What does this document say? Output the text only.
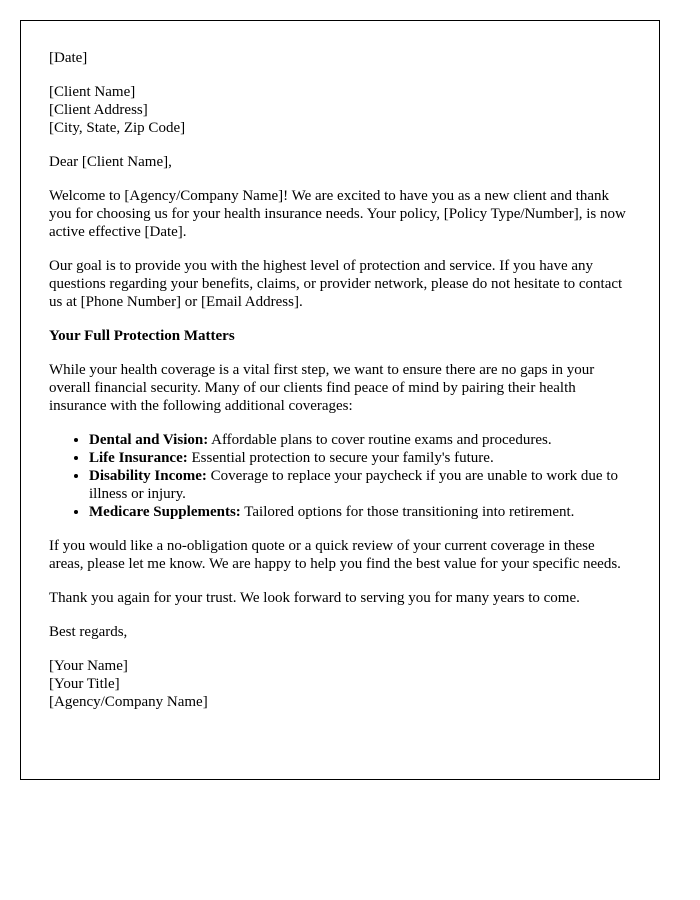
[Date]

[Client Name]
[Client Address]
[City, State, Zip Code]

Dear [Client Name],

Welcome to [Agency/Company Name]! We are excited to have you as a new client and thank you for choosing us for your health insurance needs. Your policy, [Policy Type/Number], is now active effective [Date].

Our goal is to provide you with the highest level of protection and service. If you have any questions regarding your benefits, claims, or provider network, please do not hesitate to contact us at [Phone Number] or [Email Address].

Your Full Protection Matters

While your health coverage is a vital first step, we want to ensure there are no gaps in your overall financial security. Many of our clients find peace of mind by pairing their health insurance with the following additional coverages:

• Dental and Vision: Affordable plans to cover routine exams and procedures.
• Life Insurance: Essential protection to secure your family's future.
• Disability Income: Coverage to replace your paycheck if you are unable to work due to illness or injury.
• Medicare Supplements: Tailored options for those transitioning into retirement.

If you would like a no-obligation quote or a quick review of your current coverage in these areas, please let me know. We are happy to help you find the best value for your specific needs.

Thank you again for your trust. We look forward to serving you for many years to come.

Best regards,

[Your Name]
[Your Title]
[Agency/Company Name]
